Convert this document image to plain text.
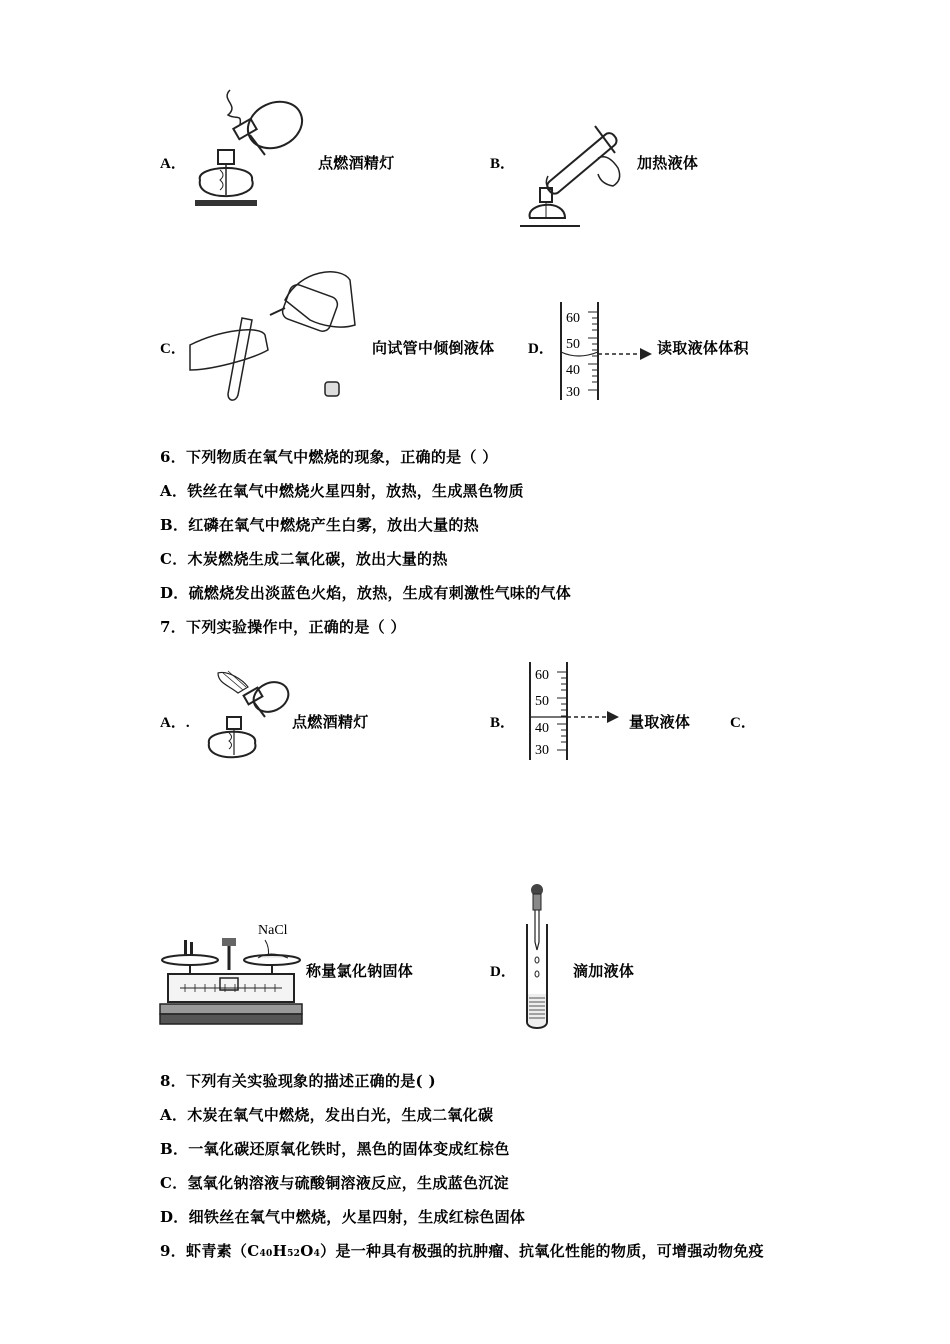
A．	点燃酒精灯	B．	加热液体
C．	向试管中倾倒液体 D．
60
50
40
30
读取液体体积
6．下列物质在氧气中燃烧的现象，正确的是（ ）
A．铁丝在氧气中燃烧火星四射，放热，生成黑色物质
B．红磷在氧气中燃烧产生白雾，放出大量的热
C．木炭燃烧生成二氧化碳，放出大量的热
D．硫燃烧发出淡蓝色火焰，放热，生成有刺激性气味的气体
7．下列实验操作中，正确的是（ ）
A．.	点燃酒精灯	B．
60
50
40
30
量取液体	C．
NaCl
称量氯化钠固体	D．	滴加液体
8．下列有关实验现象的描述正确的是( )
A．木炭在氧气中燃烧，发出白光，生成二氧化碳
B．一氧化碳还原氧化铁时，黑色的固体变成红棕色
C．氢氧化钠溶液与硫酸铜溶液反应，生成蓝色沉淀
D．细铁丝在氧气中燃烧，火星四射，生成红棕色固体
9．虾青素（C40H52O4）是一种具有极强的抗肿瘤、抗氧化性能的物质，可增强动物免疫
